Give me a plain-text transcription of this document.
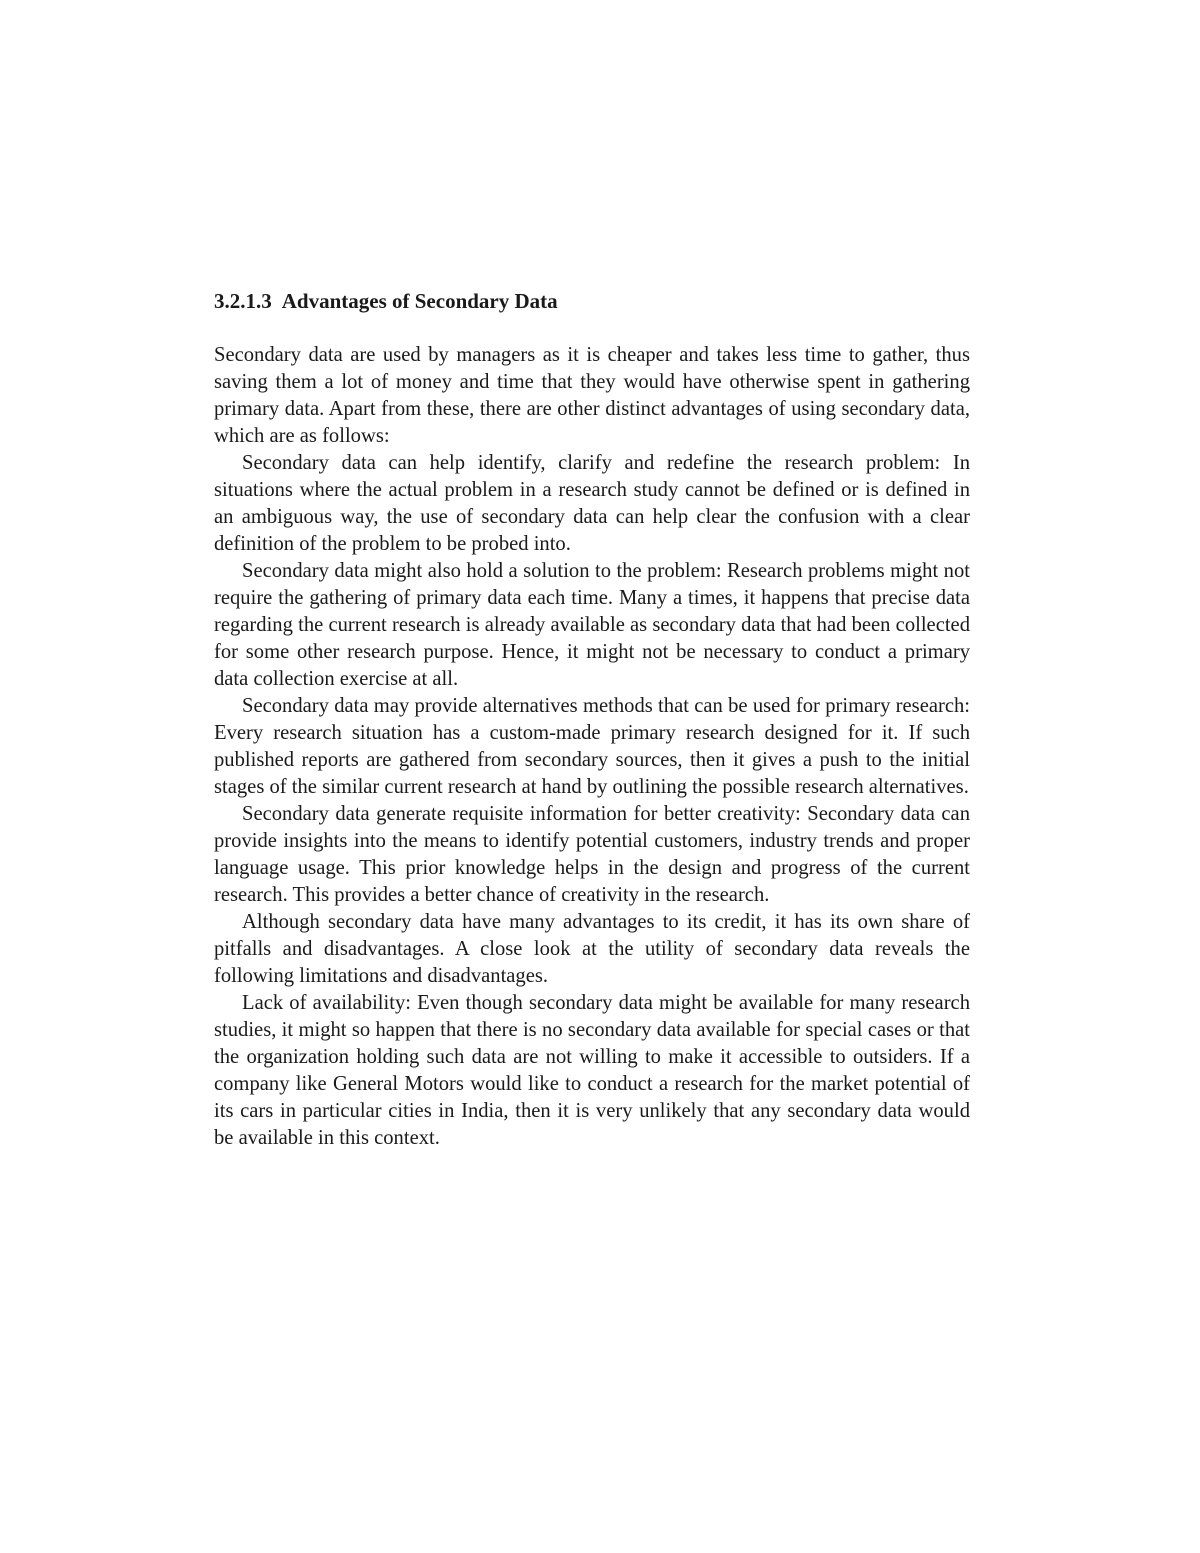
3.2.1.3 Advantages of Secondary Data

Secondary data are used by managers as it is cheaper and takes less time to gather, thus saving them a lot of money and time that they would have otherwise spent in gathering primary data. Apart from these, there are other distinct advantages of using secondary data, which are as follows:

Secondary data can help identify, clarify and redefine the research problem: In situations where the actual problem in a research study cannot be defined or is defined in an ambiguous way, the use of secondary data can help clear the confusion with a clear definition of the problem to be probed into.

Secondary data might also hold a solution to the problem: Research problems might not require the gathering of primary data each time. Many a times, it happens that precise data regarding the current research is already available as secondary data that had been collected for some other research purpose. Hence, it might not be necessary to conduct a primary data collection exercise at all.

Secondary data may provide alternatives methods that can be used for primary research: Every research situation has a custom-made primary research designed for it. If such published reports are gathered from secondary sources, then it gives a push to the initial stages of the similar current research at hand by outlining the possible research alternatives.

Secondary data generate requisite information for better creativity: Secondary data can provide insights into the means to identify potential customers, industry trends and proper language usage. This prior knowledge helps in the design and progress of the current research. This provides a better chance of creativity in the research.

Although secondary data have many advantages to its credit, it has its own share of pitfalls and disadvantages. A close look at the utility of secondary data reveals the following limitations and disadvantages.

Lack of availability: Even though secondary data might be available for many research studies, it might so happen that there is no secondary data available for special cases or that the organization holding such data are not willing to make it accessible to outsiders. If a company like General Motors would like to conduct a research for the market potential of its cars in particular cities in India, then it is very unlikely that any secondary data would be available in this context.
